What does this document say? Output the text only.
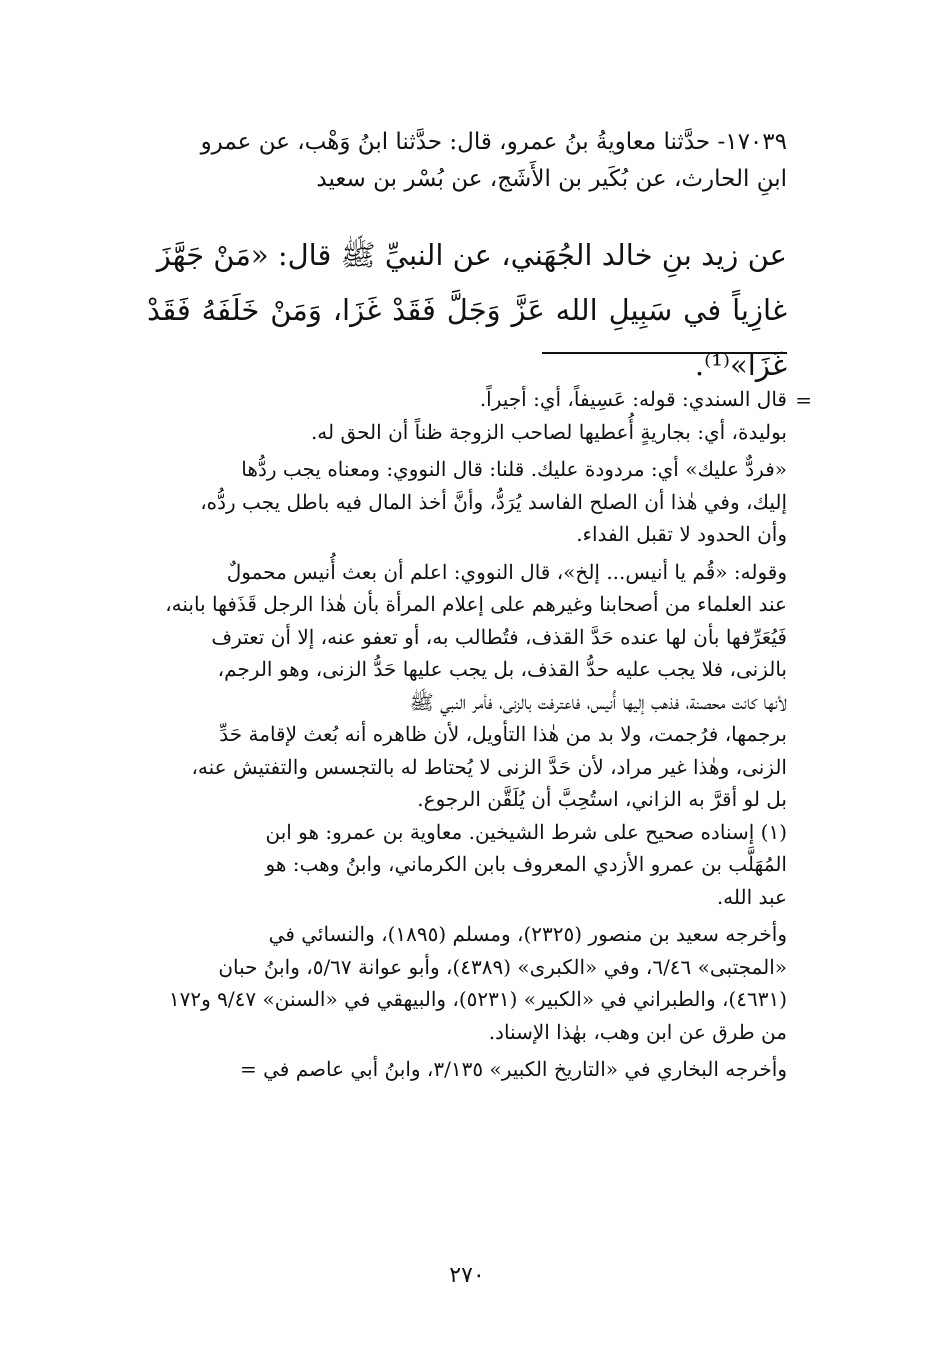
١٧٠٣٩- حدَّثنا معاويةُ بنُ عمرو، قال: حدَّثنا ابنُ وَهْب، عن عمرو

ابنِ الحارث، عن بُكَير بن الأَشَج، عن بُسْر بن سعيد

عن زيد بنِ خالد الجُهَني، عن النبيِّ ﷺ قال: «مَنْ جَهَّزَ

غازِياً في سَبِيلِ الله عَزَّ وَجَلَّ فَقَدْ غَزَا، وَمَنْ خَلَفَهُ فَقَدْ غَزَا»⁽¹⁾.

=

قال السندي: قوله: عَسِيفاً، أي: أجيراً.

بوليدة، أي: بجاريةٍ أُعطيها لصاحب الزوجة ظناً أن الحق له.

«فردٌّ عليك» أي: مردودة عليك. قلنا: قال النووي: ومعناه يجب ردُّها

إليك، وفي هٰذا أن الصلح الفاسد يُرَدُّ، وأنَّ أخذ المال فيه باطل يجب ردُّه،

وأن الحدود لا تقبل الفداء.

وقوله: «قُم يا أنيس... إلخ»، قال النووي: اعلم أن بعث أُنيس محمولٌ

عند العلماء من أصحابنا وغيرهم على إعلام المرأة بأن هٰذا الرجل قَذَفها بابنه،

فَيُعَرِّفها بأن لها عنده حَدَّ القذف، فتُطالب به، أو تعفو عنه، إلا أن تعترف

بالزنى، فلا يجب عليه حدُّ القذف، بل يجب عليها حَدُّ الزنى، وهو الرجم،

لأنها كانت محصنة، فذهب إليها أُنيس، فاعترفت بالزنى، فأمر النبي ﷺ

برجمها، فرُجمت، ولا بد من هٰذا التأويل، لأن ظاهره أنه بُعث لإقامة حَدِّ

الزنى، وهٰذا غير مراد، لأن حَدَّ الزنى لا يُحتاط له بالتجسس والتفتيش عنه،

بل لو أقرَّ به الزاني، استُحِبَّ أن يُلَقَّن الرجوع.

(١) إسناده صحيح على شرط الشيخين. معاوية بن عمرو: هو ابن

المُهَلَّب بن عمرو الأزدي المعروف بابن الكرماني، وابنُ وهب: هو

عبد الله.

وأخرجه سعيد بن منصور (٢٣٢٥)، ومسلم (١٨٩٥)، والنسائي في

«المجتبى» ٦/٤٦، وفي «الكبرى» (٤٣٨٩)، وأبو عوانة ٥/٦٧، وابنُ حبان

(٤٦٣١)، والطبراني في «الكبير» (٥٢٣١)، والبيهقي في «السنن» ٩/٤٧ و١٧٢

من طرق عن ابن وهب، بهٰذا الإسناد.

وأخرجه البخاري في «التاريخ الكبير» ٣/١٣٥، وابنُ أبي عاصم في =

٢٧٠
